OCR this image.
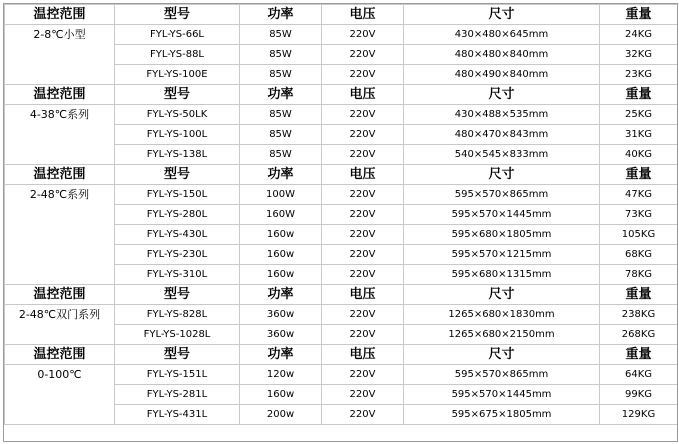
温控范围	型号	功率	电压	尺寸	重量

2-8℃小型	FYL-YS-66L	85W	220V	430×480×645mm	24KG
	FYL-YS-88L	85W	220V	480×480×840mm	32KG
	FYL-YS-100E	85W	220V	480×490×840mm	23KG
温控范围	型号	功率	电压	尺寸	重量

4-38℃系列	FYL-YS-50LK	85W	220V	430×488×535mm	25KG
	FYL-YS-100L	85W	220V	480×470×843mm	31KG
	FYL-YS-138L	85W	220V	540×545×833mm	40KG
温控范围	型号	功率	电压	尺寸	重量

2-48℃系列	FYL-YS-150L	100W	220V	595×570×865mm	47KG
	FYL-YS-280L	160W	220V	595×570×1445mm	73KG
	FYL-YS-430L	160w	220V	595×680×1805mm	105KG
	FYL-YS-230L	160w	220V	595×570×1215mm	68KG
	FYL-YS-310L	160w	220V	595×680×1315mm	78KG
温控范围	型号	功率	电压	尺寸	重量

2-48℃双门系列	FYL-YS-828L	360w	220V	1265×680×1830mm	238KG
	FYL-YS-1028L	360w	220V	1265×680×2150mm	268KG
温控范围	型号	功率	电压	尺寸	重量

0-100℃	FYL-YS-151L	120w	220V	595×570×865mm	64KG
	FYL-YS-281L	160w	220V	595×570×1445mm	99KG
	FYL-YS-431L	200w	220V	595×675×1805mm	129KG
